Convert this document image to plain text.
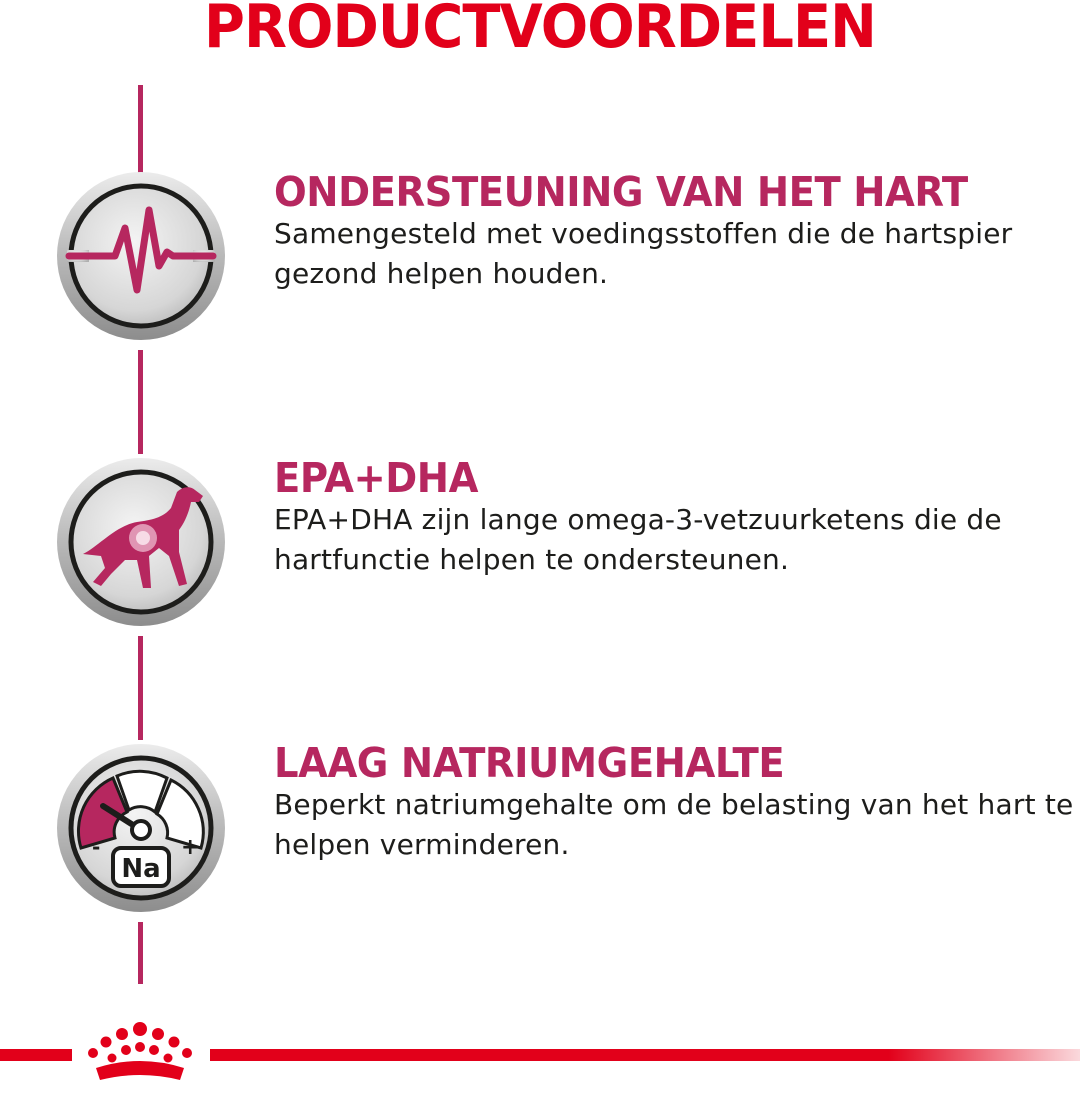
PRODUCTVOORDELEN
-	+
Na
ONDERSTEUNING VAN HET HART

Samengesteld met voedingsstoffen die de hartspier
gezond helpen houden.

EPA+DHA

EPA+DHA zijn lange omega-3-vetzuurketens die de
hartfunctie helpen te ondersteunen.

LAAG NATRIUMGEHALTE

Beperkt natriumgehalte om de belasting van het hart te
helpen verminderen.
